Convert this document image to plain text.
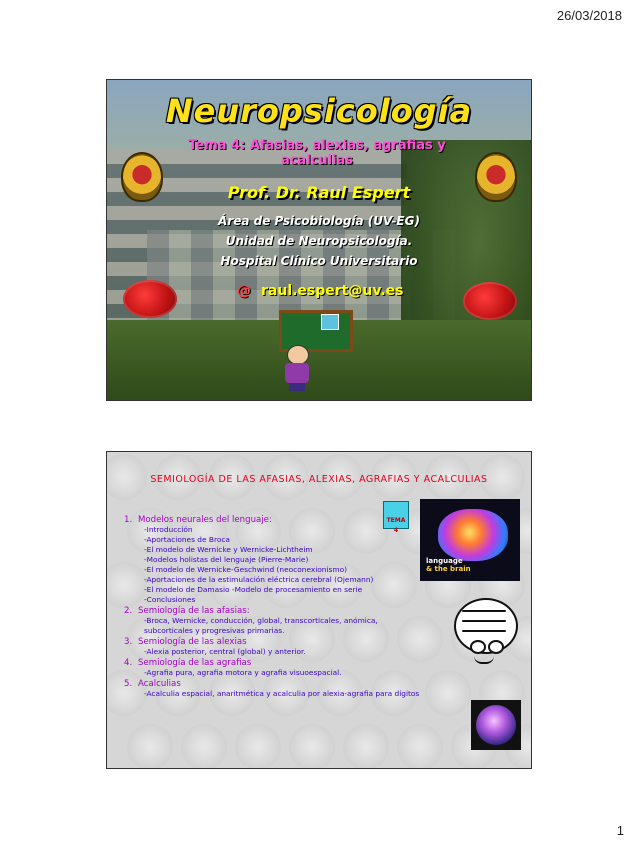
26/03/2018
Neuropsicología
Tema 4: Afasias, alexias, agrafias y acalculias
Prof. Dr. Raul Espert
Área de Psicobiología (UV-EG)
Unidad de Neuropsicología.
Hospital Clínico Universitario
@ raul.espert@uv.es
SEMIOLOGÍA DE LAS AFASIAS, ALEXIAS, AGRAFIAS Y ACALCULIAS
TEMA 4
language
& the brain
1. Modelos neurales del lenguaje:
-Introducción
-Aportaciones de Broca
-El modelo de Wernicke y Wernicke-Lichtheim
-Modelos holistas del lenguaje (Pierre-Marie)
-El modelo de Wernicke-Geschwind (neoconexionismo)
-Aportaciones de la estimulación eléctrica cerebral (Ojemann)
-El modelo de Damasio -Modelo de procesamiento en serie
-Conclusiones
2. Semiología de las afasias:
-Broca, Wernicke, conducción, global, transcorticales, anómica,
subcorticales y progresivas primarias.
3. Semiología de las alexias
-Alexia posterior, central (global) y anterior.
4. Semiología de las agrafias
-Agrafia pura, agrafia motora y agrafia visuoespacial.
5. Acalculias
-Acalculia espacial, anaritmética y acalculia por alexia-agrafia para dígitos
1
